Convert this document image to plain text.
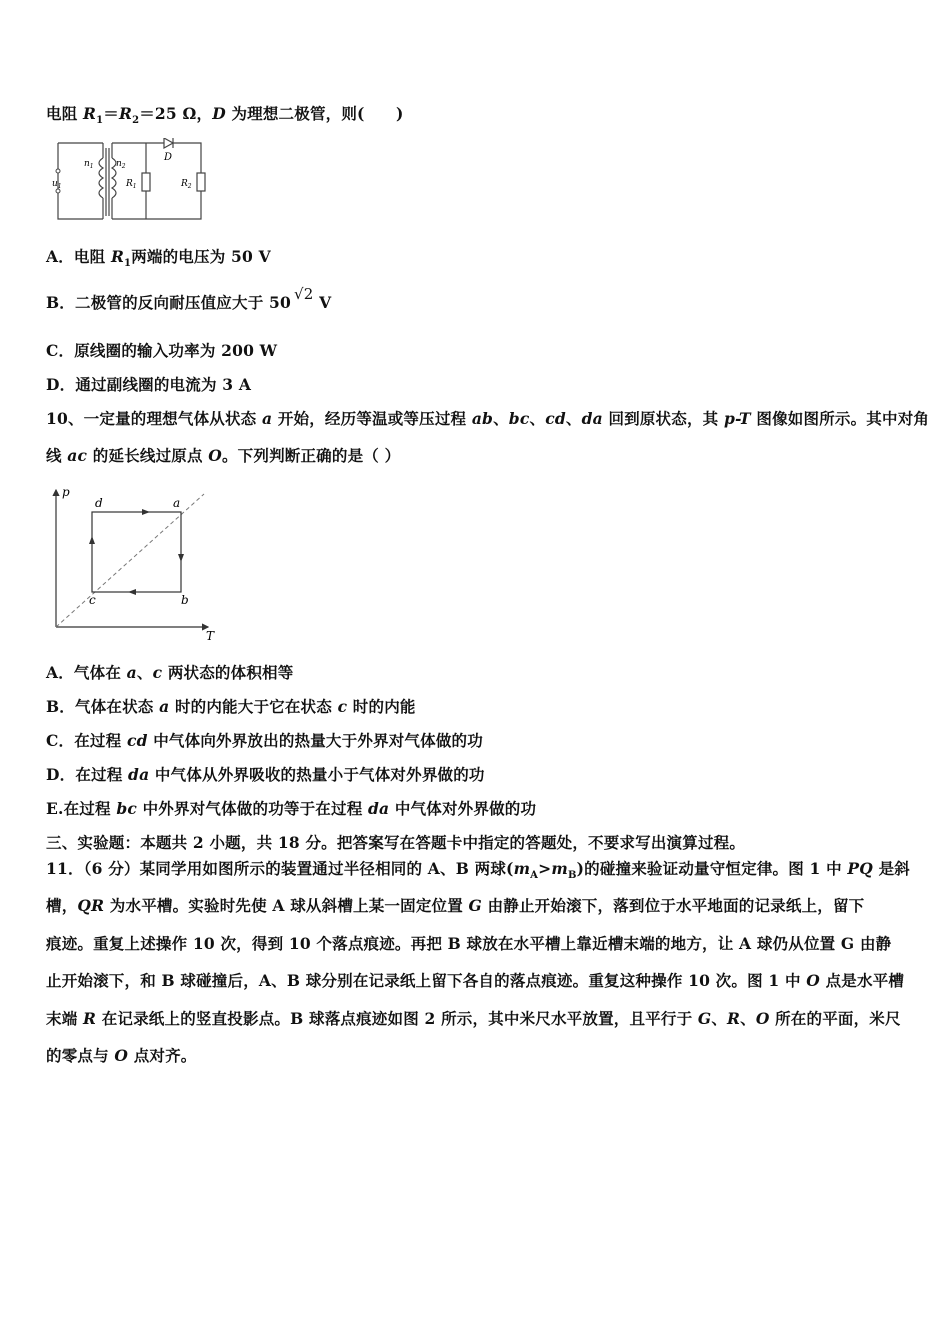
电阻 $R_1=R_2=25$ Ω，D 为理想二极管，则(　　)
$u_1$
$n_1$ $n_2$
$R_1$	$R_2$
D
A．电阻 $R_1$两端的电压为 50 V
B．二极管的反向耐压值应大于 50 √2 V
C．原线圈的输入功率为 200 W
D．通过副线圈的电流为 3 A
10、一定量的理想气体从状态 a 开始，经历等温或等压过程 ab、bc、cd、da 回到原状态，其 p-T 图像如图所示。其中对角
线 ac 的延长线过原点 O。下列判断正确的是（ ）
p
T
d	a
b
c
A．气体在 a、c 两状态的体积相等
B．气体在状态 a 时的内能大于它在状态 c 时的内能
C．在过程 cd 中气体向外界放出的热量大于外界对气体做的功
D．在过程 da 中气体从外界吸收的热量小于气体对外界做的功
E.在过程 bc 中外界对气体做的功等于在过程 da 中气体对外界做的功
三、实验题：本题共 2 小题，共 18 分。把答案写在答题卡中指定的答题处，不要求写出演算过程。
11．（6 分）某同学用如图所示的装置通过半径相同的 A、B 两球$(m_A>m_B)$的碰撞来验证动量守恒定律。图 1 中 PQ 是斜
槽，QR 为水平槽。实验时先使 A 球从斜槽上某一固定位置 G 由静止开始滚下，落到位于水平地面的记录纸上，留下
痕迹。重复上述操作 10 次，得到 10 个落点痕迹。再把 B 球放在水平槽上靠近槽末端的地方，让 A 球仍从位置 G 由静
止开始滚下，和 B 球碰撞后，A、B 球分别在记录纸上留下各自的落点痕迹。重复这种操作 10 次。图 1 中 O 点是水平槽
末端 R 在记录纸上的竖直投影点。B 球落点痕迹如图 2 所示，其中米尺水平放置，且平行于 G、R、O 所在的平面，米尺
的零点与 O 点对齐。
